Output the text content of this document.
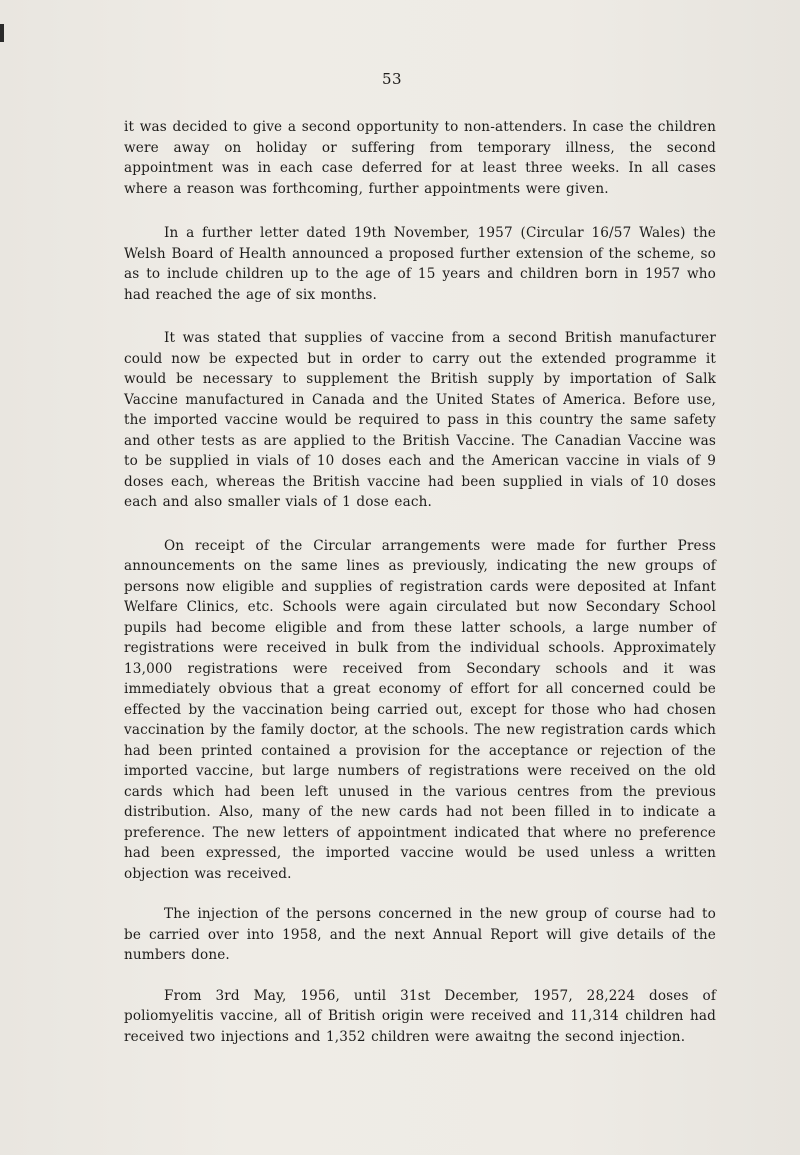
53

it was decided to give a second opportunity to non-attenders. In case the children were away on holiday or suffering from temporary illness, the second appointment was in each case deferred for at least three weeks. In all cases where a reason was forthcoming, further appointments were given.

In a further letter dated 19th November, 1957 (Circular 16/57 Wales) the Welsh Board of Health announced a proposed further extension of the scheme, so as to include children up to the age of 15 years and children born in 1957 who had reached the age of six months.

It was stated that supplies of vaccine from a second British manufacturer could now be expected but in order to carry out the extended programme it would be necessary to supplement the British supply by importation of Salk Vaccine manufactured in Canada and the United States of America. Before use, the imported vaccine would be required to pass in this country the same safety and other tests as are applied to the British Vaccine. The Canadian Vaccine was to be supplied in vials of 10 doses each and the American vaccine in vials of 9 doses each, whereas the British vaccine had been supplied in vials of 10 doses each and also smaller vials of 1 dose each.

On receipt of the Circular arrangements were made for further Press announcements on the same lines as previously, indicating the new groups of persons now eligible and supplies of registration cards were deposited at Infant Welfare Clinics, etc. Schools were again circulated but now Secondary School pupils had become eligible and from these latter schools, a large number of registrations were received in bulk from the individual schools. Approximately 13,000 registrations were received from Secondary schools and it was immediately obvious that a great economy of effort for all concerned could be effected by the vaccination being carried out, except for those who had chosen vaccination by the family doctor, at the schools. The new registration cards which had been printed contained a provision for the acceptance or rejection of the imported vaccine, but large numbers of registrations were received on the old cards which had been left unused in the various centres from the previous distribution. Also, many of the new cards had not been filled in to indicate a preference. The new letters of appointment indicated that where no preference had been expressed, the imported vaccine would be used unless a written objection was received.

The injection of the persons concerned in the new group of course had to be carried over into 1958, and the next Annual Report will give details of the numbers done.

From 3rd May, 1956, until 31st December, 1957, 28,224 doses of poliomyelitis vaccine, all of British origin were received and 11,314 children had received two injections and 1,352 children were awaitng the second injection.
